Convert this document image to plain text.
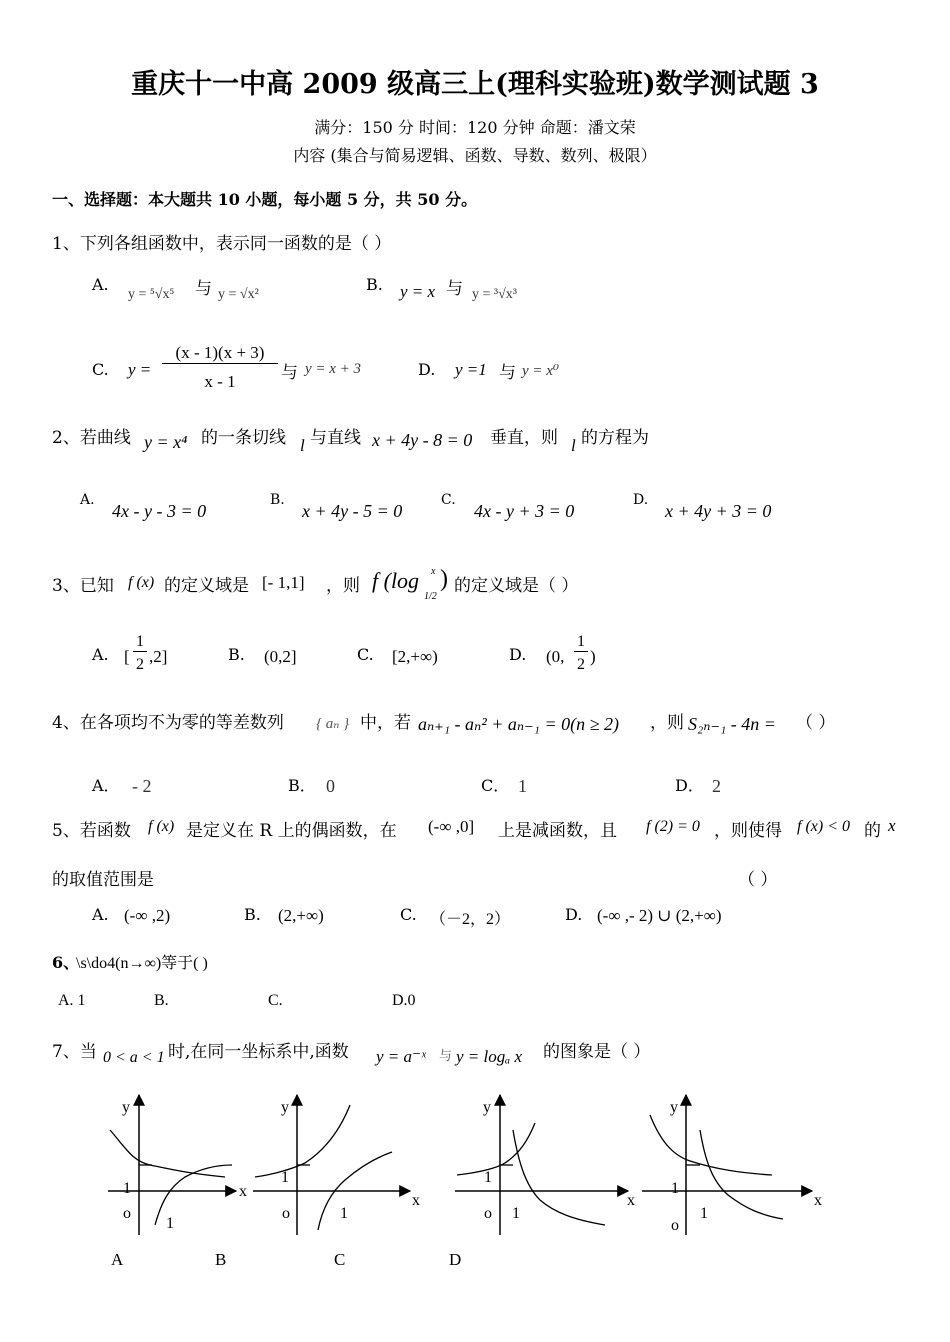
重庆十一中高 2009 级高三上(理科实验班)数学测试题 3
满分：150 分 时间：120 分钟 命题：潘文荣
内容 (集合与简易逻辑、函数、导数、数列、极限）
一、选择题：本大题共 10 小题，每小题 5 分，共 50 分。
1、下列各组函数中，表示同一函数的是（ ）
A.
y = ⁵√x⁵ 与 y = √x²
B. y = x 与 y = ³√x³
C. y =
(x - 1)(x + 3)
x - 1	与 y = x + 3	D. y =1 与 y = x⁰
2、若曲线 y = x⁴ 的一条切线 l 与直线 x + 4y - 8 = 0 垂直，则 l 的方程为
A.
4x - y - 3 = 0
B.
x + 4y - 5 = 0
C.
4x - y + 3 = 0
D.
x + 4y + 3 = 0
3、已知 f (x) 的定义域是 [- 1,1] ，则 f (log
1/2
x ) 的定义域是（ ）
A. [
1
2 ,2]	B. (0,2]	C. [2,+∞)	D. (0,
1
2 )
4、在各项均不为零的等差数列 { aₙ } 中，若 aₙ₊₁ - aₙ² + aₙ₋₁ = 0(n ≥ 2) ，则 S₂ₙ₋₁ - 4n = （ ）
A． - 2	B． 0	C． 1	D． 2
5、若函数 f (x) 是定义在 R 上的偶函数，在 (-∞ ,0] 上是减函数，且 f (2) = 0 ，则使得 f (x) < 0 的 x
的取值范围是	（ ）
A. (-∞ ,2)	B. (2,+∞)	C. （－2，2）	D. (-∞ ,- 2) ∪ (2,+∞)
6、
\s\do4(n→∞)等于( )
A. 1	B.	C.	D.0
7、当 0 < a < 1 时,在同一坐标系中,函数 y = a⁻ˣ 与 y = logₐ x 的图象是（ ）
y
x
1
o
1
y
x
1
o	1
y
x
1
o 1
y
x
1
o
1
A	B	C	D
